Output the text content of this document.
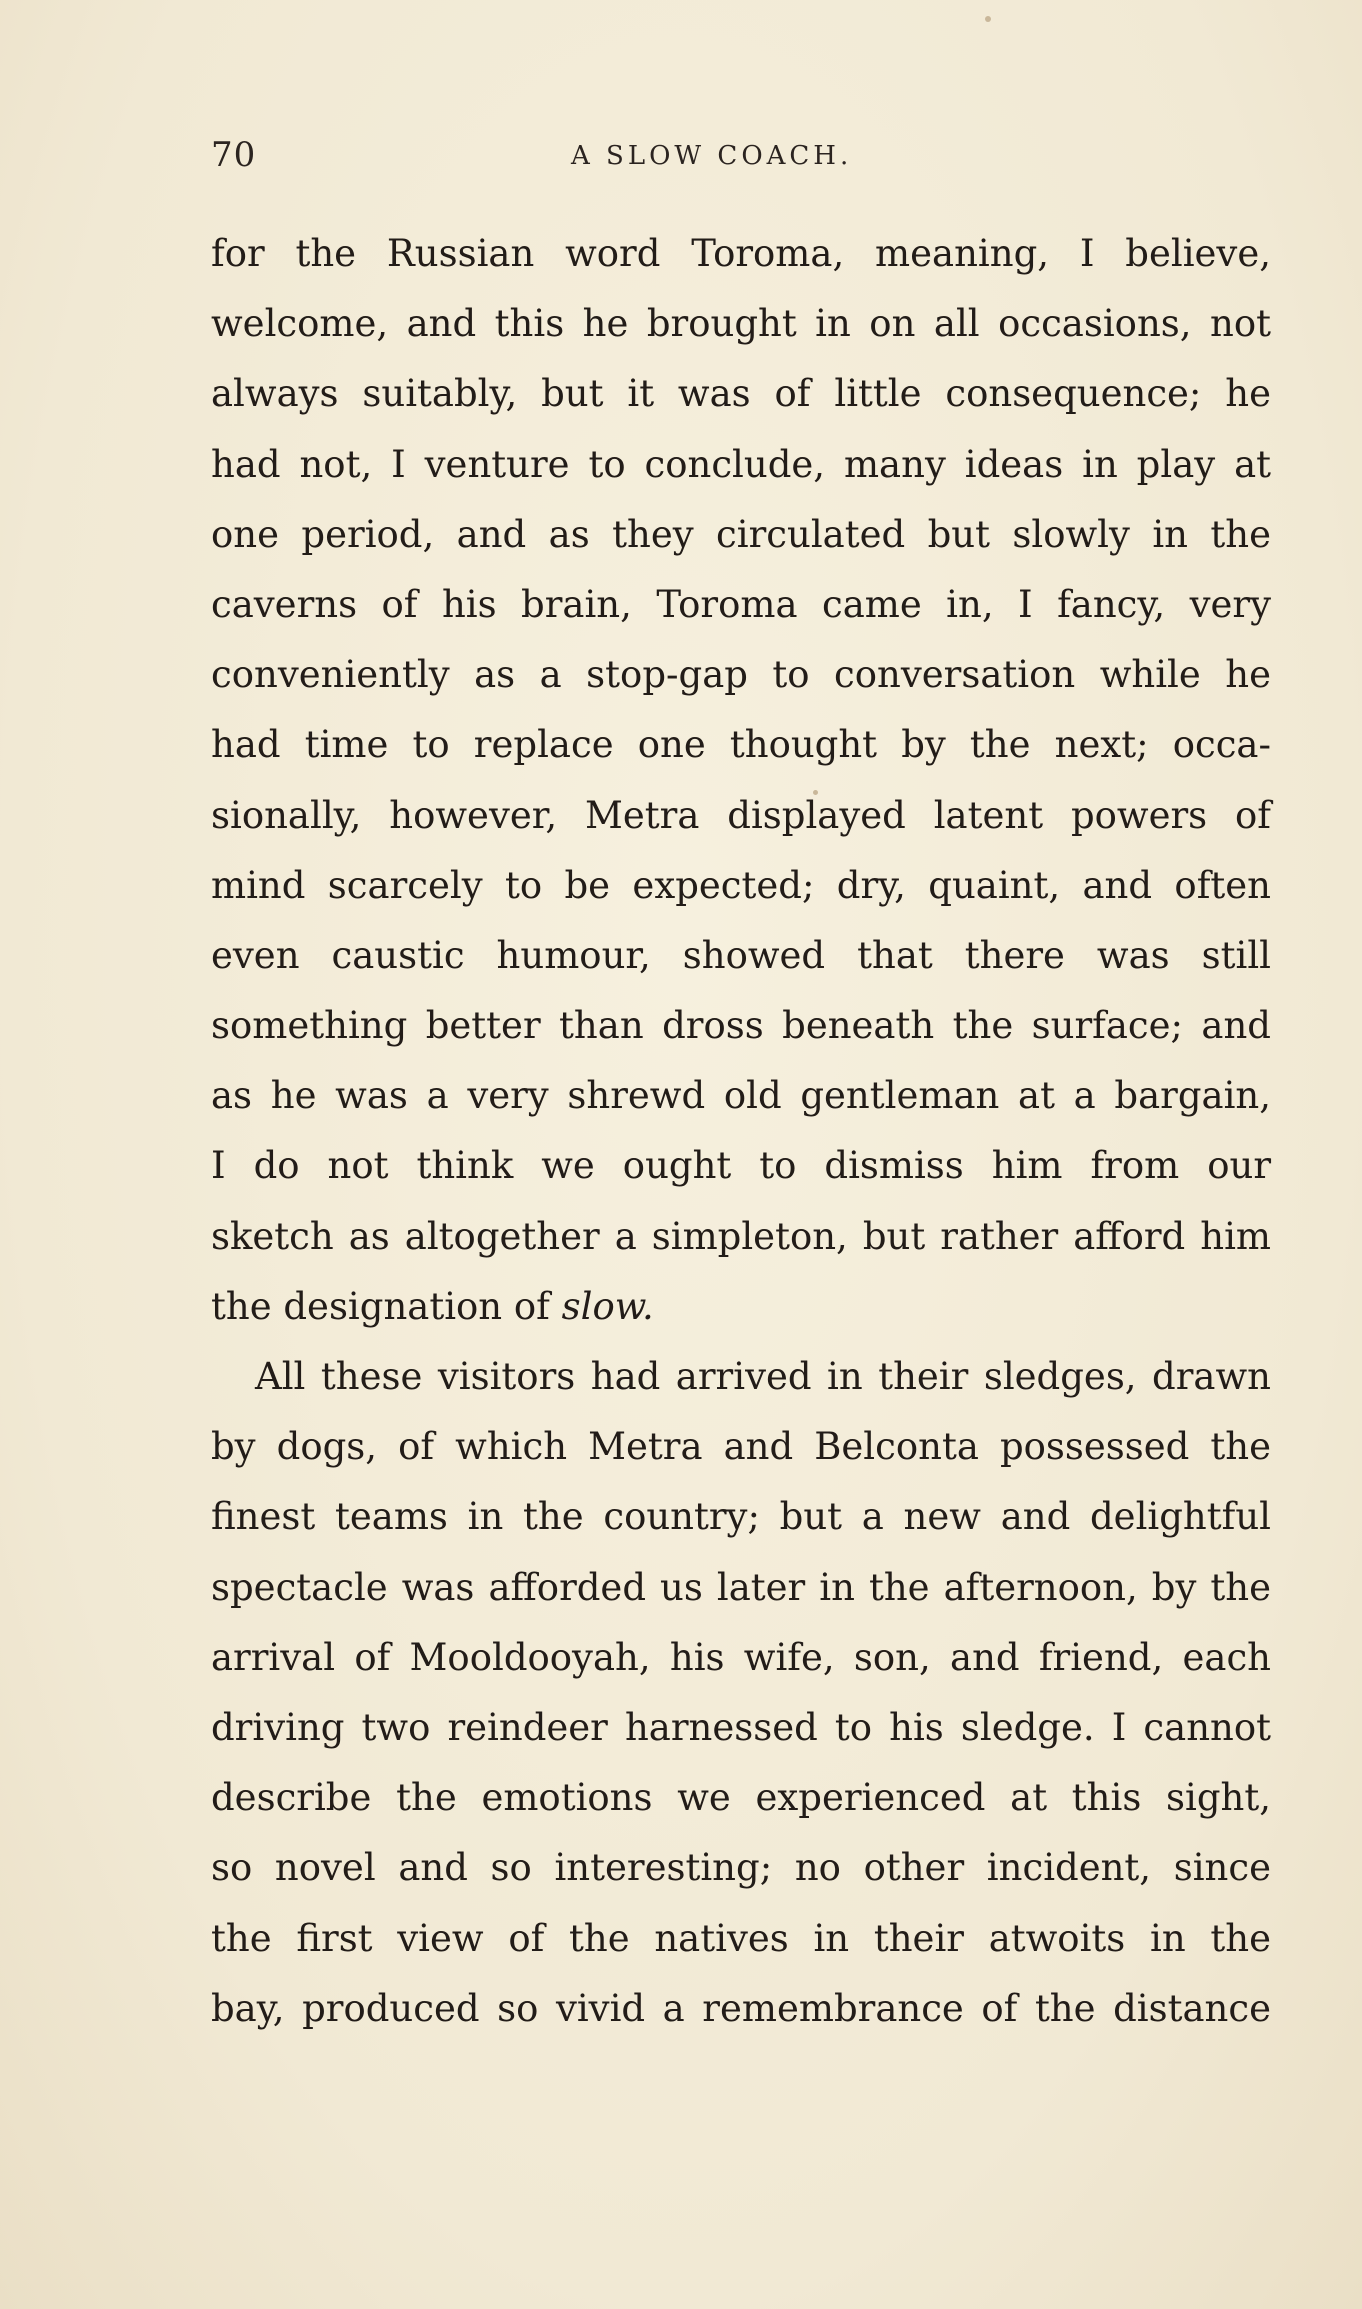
70	A SLOW COACH.
for the Russian word Toroma, meaning, I believe,
welcome, and this he brought in on all occasions, not
always suitably, but it was of little consequence; he
had not, I venture to conclude, many ideas in play at
one period, and as they circulated but slowly in the
caverns of his brain, Toroma came in, I fancy, very
conveniently as a stop-gap to conversation while he
had time to replace one thought by the next; occa-
sionally, however, Metra displayed latent powers of
mind scarcely to be expected; dry, quaint, and often
even caustic humour, showed that there was still
something better than dross beneath the surface; and
as he was a very shrewd old gentleman at a bargain,
I do not think we ought to dismiss him from our
sketch as altogether a simpleton, but rather afford him
the designation of slow.
All these visitors had arrived in their sledges, drawn
by dogs, of which Metra and Belconta possessed the
finest teams in the country; but a new and delightful
spectacle was afforded us later in the afternoon, by the
arrival of Mooldooyah, his wife, son, and friend, each
driving two reindeer harnessed to his sledge. I cannot
describe the emotions we experienced at this sight,
so novel and so interesting; no other incident, since
the first view of the natives in their atwoits in the
bay, produced so vivid a remembrance of the distance
